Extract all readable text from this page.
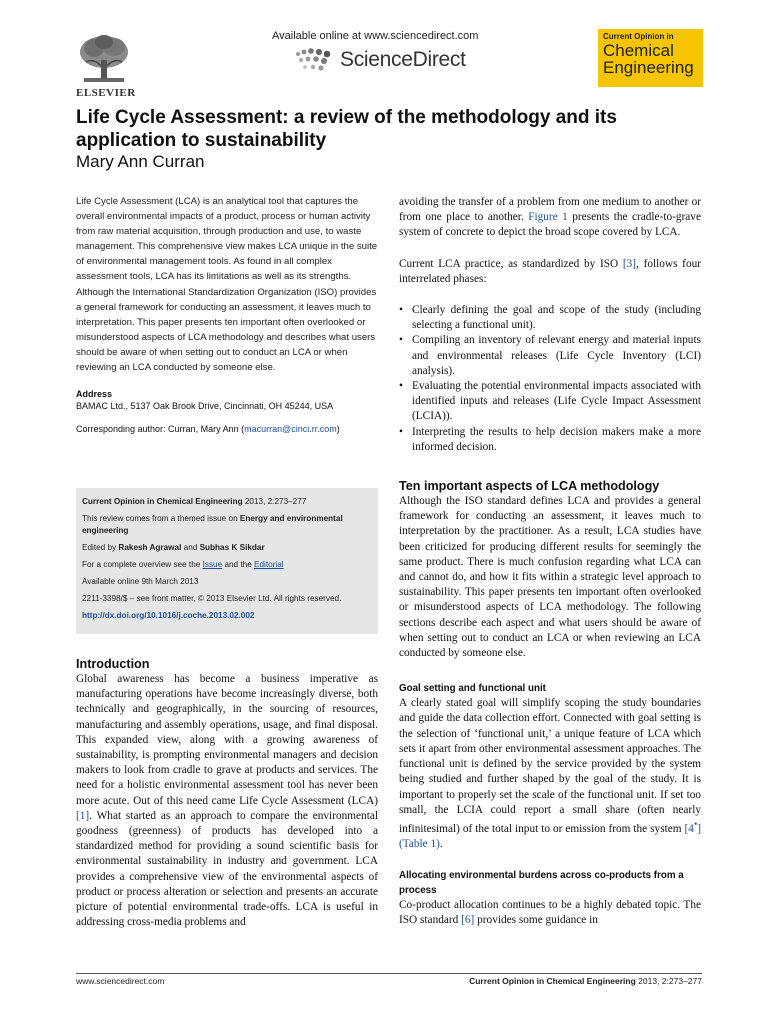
ELSEVIER
Available online at www.sciencedirect.com
ScienceDirect
Current Opinion in
Chemical
Engineering
Life Cycle Assessment: a review of the methodology and its application to sustainability
Mary Ann Curran

Life Cycle Assessment (LCA) is an analytical tool that captures the overall environmental impacts of a product, process or human activity from raw material acquisition, through production and use, to waste management. This comprehensive view makes LCA unique in the suite of environmental management tools. As found in all complex assessment tools, LCA has its limitations as well as its strengths. Although the International Standardization Organization (ISO) provides a general framework for conducting an assessment, it leaves much to interpretation. This paper presents ten important often overlooked or misunderstood aspects of LCA methodology and describes what users should be aware of when setting out to conduct an LCA or when reviewing an LCA conducted by someone else.

Address
BAMAC Ltd., 5137 Oak Brook Drive, Cincinnati, OH 45244, USA
Corresponding author: Curran, Mary Ann (macurran@cinci.rr.com)

Current Opinion in Chemical Engineering 2013, 2:273–277

This review comes from a themed issue on Energy and environmental engineering

Edited by Rakesh Agrawal and Subhas K Sikdar

For a complete overview see the Issue and the Editorial

Available online 9th March 2013

2211-3398/$ – see front matter, © 2013 Elsevier Ltd. All rights reserved.

http://dx.doi.org/10.1016/j.coche.2013.02.002

Introduction

Global awareness has become a business imperative as manufacturing operations have become increasingly diverse, both technically and geographically, in the sourcing of resources, manufacturing and assembly operations, usage, and final disposal. This expanded view, along with a growing awareness of sustainability, is prompting environmental managers and decision makers to look from cradle to grave at products and services. The need for a holistic environmental assessment tool has never been more acute. Out of this need came Life Cycle Assessment (LCA) [1]. What started as an approach to compare the environmental goodness (greenness) of products has developed into a standardized method for providing a sound scientific basis for environmental sustainability in industry and government. LCA provides a comprehensive view of the environmental aspects of product or process alteration or selection and presents an accurate picture of potential environmental trade-offs. LCA is useful in addressing cross-media problems and

avoiding the transfer of a problem from one medium to another or from one place to another. Figure 1 presents the cradle-to-grave system of concrete to depict the broad scope covered by LCA.

Current LCA practice, as standardized by ISO [3], follows four interrelated phases:

• Clearly defining the goal and scope of the study (including selecting a functional unit).
• Compiling an inventory of relevant energy and material inputs and environmental releases (Life Cycle Inventory (LCI) analysis).
• Evaluating the potential environmental impacts associated with identified inputs and releases (Life Cycle Impact Assessment (LCIA)).
• Interpreting the results to help decision makers make a more informed decision.
Ten important aspects of LCA methodology

Although the ISO standard defines LCA and provides a general framework for conducting an assessment, it leaves much to interpretation by the practitioner. As a result, LCA studies have been criticized for producing different results for seemingly the same product. There is much confusion regarding what LCA can and cannot do, and how it fits within a strategic level approach to sustainability. This paper presents ten important often overlooked or misunderstood aspects of LCA methodology. The following sections describe each aspect and what users should be aware of when setting out to conduct an LCA or when reviewing an LCA conducted by someone else.

Goal setting and functional unit

A clearly stated goal will simplify scoping the study boundaries and guide the data collection effort. Connected with goal setting is the selection of ‘functional unit,’ a unique feature of LCA which sets it apart from other environmental assessment approaches. The functional unit is defined by the service provided by the system being studied and further shaped by the goal of the study. It is important to properly set the scale of the functional unit. If set too small, the LCIA could report a small share (often nearly infinitesimal) of the total input to or emission from the system [4•] (Table 1).

Allocating environmental burdens across co-products from a process

Co-product allocation continues to be a highly debated topic. The ISO standard [6] provides some guidance in

www.sciencedirect.com	Current Opinion in Chemical Engineering 2013, 2:273–277
